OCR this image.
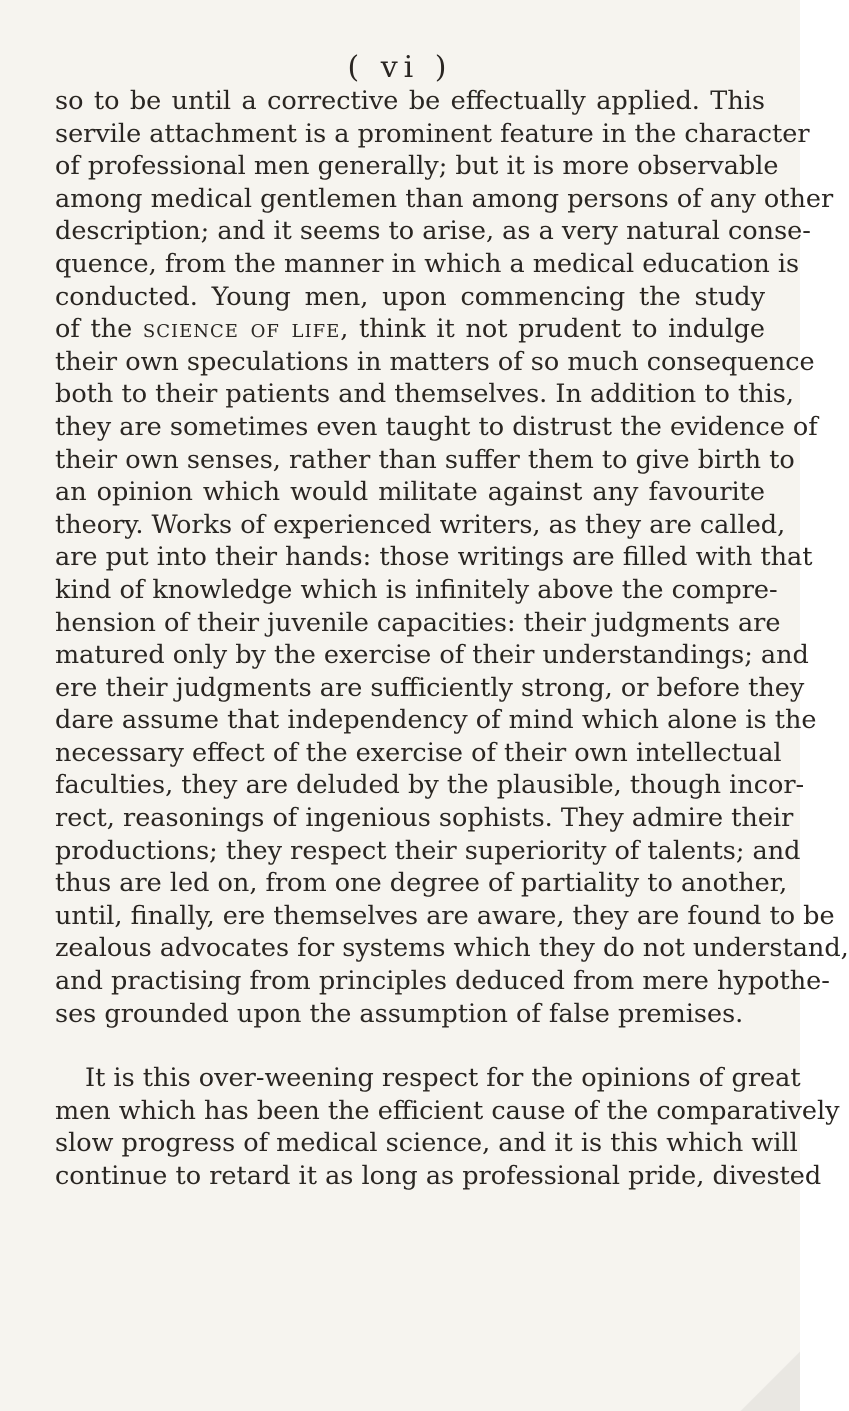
( vi )
so to be until a corrective be effectually applied. This
servile attachment is a prominent feature in the character
of professional men generally; but it is more observable
among medical gentlemen than among persons of any other
description; and it seems to arise, as a very natural conse-
quence, from the manner in which a medical education is
conducted. Young men, upon commencing the study
of the science of life, think it not prudent to indulge
their own speculations in matters of so much consequence
both to their patients and themselves. In addition to this,
they are sometimes even taught to distrust the evidence of
their own senses, rather than suffer them to give birth to
an opinion which would militate against any favourite
theory. Works of experienced writers, as they are called,
are put into their hands: those writings are filled with that
kind of knowledge which is infinitely above the compre-
hension of their juvenile capacities: their judgments are
matured only by the exercise of their understandings; and
ere their judgments are sufficiently strong, or before they
dare assume that independency of mind which alone is the
necessary effect of the exercise of their own intellectual
faculties, they are deluded by the plausible, though incor-
rect, reasonings of ingenious sophists. They admire their
productions; they respect their superiority of talents; and
thus are led on, from one degree of partiality to another,
until, finally, ere themselves are aware, they are found to be
zealous advocates for systems which they do not understand,
and practising from principles deduced from mere hypothe-
ses grounded upon the assumption of false premises.
It is this over-weening respect for the opinions of great
men which has been the efficient cause of the comparatively
slow progress of medical science, and it is this which will
continue to retard it as long as professional pride, divested
